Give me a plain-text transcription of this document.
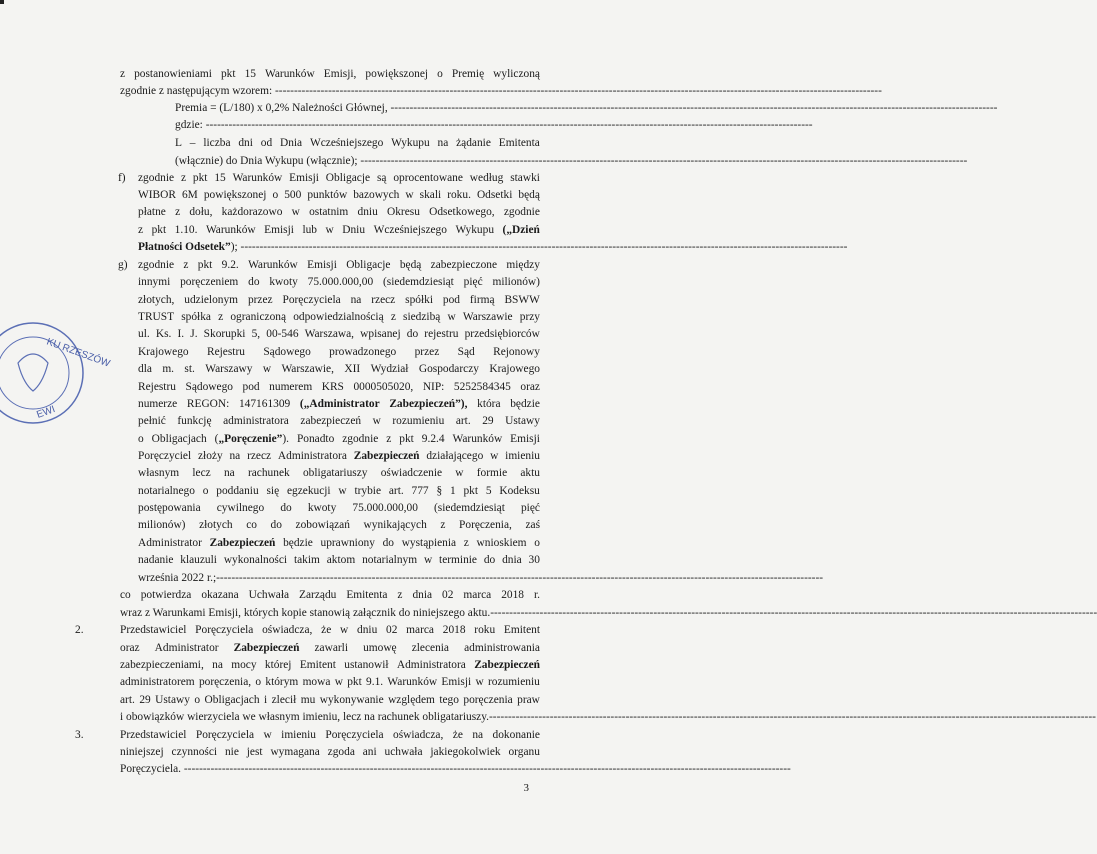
KU RZESZÓW
EWI
3
z postanowieniami pkt 15 Warunków Emisji, powiększonej o Premię wyliczoną
zgodnie z następującym wzorem: ----------------------------------------------------------------------------------------------------------------------------------------------------------------
Premia = (L/180) x 0,2% Należności Głównej, ----------------------------------------------------------------------------------------------------------------------------------------------------------------
gdzie: ----------------------------------------------------------------------------------------------------------------------------------------------------------------
L – liczba dni od Dnia Wcześniejszego Wykupu na żądanie Emitenta
(włącznie) do Dnia Wykupu (włącznie); ----------------------------------------------------------------------------------------------------------------------------------------------------------------
zgodnie z pkt 15 Warunków Emisji Obligacje są oprocentowane według stawki
WIBOR 6M powiększonej o 500 punktów bazowych w skali roku. Odsetki będą
płatne z dołu, każdorazowo w ostatnim dniu Okresu Odsetkowego, zgodnie
z pkt 1.10. Warunków Emisji lub w Dniu Wcześniejszego Wykupu („Dzień
Płatności Odsetek”); ----------------------------------------------------------------------------------------------------------------------------------------------------------------
zgodnie z pkt 9.2. Warunków Emisji Obligacje będą zabezpieczone między
innymi poręczeniem do kwoty 75.000.000,00 (siedemdziesiąt pięć milionów)
złotych, udzielonym przez Poręczyciela na rzecz spółki pod firmą BSWW
TRUST spółka z ograniczoną odpowiedzialnością z siedzibą w Warszawie przy
ul. Ks. I. J. Skorupki 5, 00-546 Warszawa, wpisanej do rejestru przedsiębiorców
Krajowego Rejestru Sądowego prowadzonego przez Sąd Rejonowy
dla m. st. Warszawy w Warszawie, XII Wydział Gospodarczy Krajowego
Rejestru Sądowego pod numerem KRS 0000505020, NIP: 5252584345 oraz
numerze REGON: 147161309 („Administrator Zabezpieczeń”), która będzie
pełnić funkcję administratora zabezpieczeń w rozumieniu art. 29 Ustawy
o Obligacjach („Poręczenie”). Ponadto zgodnie z pkt 9.2.4 Warunków Emisji
Poręczyciel złoży na rzecz Administratora Zabezpieczeń działającego w imieniu
własnym lecz na rachunek obligatariuszy oświadczenie w formie aktu
notarialnego o poddaniu się egzekucji w trybie art. 777 § 1 pkt 5 Kodeksu
postępowania cywilnego do kwoty 75.000.000,00 (siedemdziesiąt pięć
milionów) złotych co do zobowiązań wynikających z Poręczenia, zaś
Administrator Zabezpieczeń będzie uprawniony do wystąpienia z wnioskiem o
nadanie klauzuli wykonalności takim aktom notarialnym w terminie do dnia 30
września 2022 r.;----------------------------------------------------------------------------------------------------------------------------------------------------------------
co potwierdza okazana Uchwała Zarządu Emitenta z dnia 02 marca 2018 r.
wraz z Warunkami Emisji, których kopie stanowią załącznik do niniejszego aktu.----------------------------------------------------------------------------------------------------------------------------------------------------------------
Przedstawiciel Poręczyciela oświadcza, że w dniu 02 marca 2018 roku Emitent
oraz Administrator Zabezpieczeń zawarli umowę zlecenia administrowania
zabezpieczeniami, na mocy której Emitent ustanowił Administratora Zabezpieczeń
administratorem poręczenia, o którym mowa w pkt 9.1. Warunków Emisji w rozumieniu
art. 29 Ustawy o Obligacjach i zlecił mu wykonywanie względem tego poręczenia praw
i obowiązków wierzyciela we własnym imieniu, lecz na rachunek obligatariuszy.----------------------------------------------------------------------------------------------------------------------------------------------------------------
Przedstawiciel Poręczyciela w imieniu Poręczyciela oświadcza, że na dokonanie
niniejszej czynności nie jest wymagana zgoda ani uchwała jakiegokolwiek organu
Poręczyciela. ----------------------------------------------------------------------------------------------------------------------------------------------------------------
f)
g)
2.
3.
